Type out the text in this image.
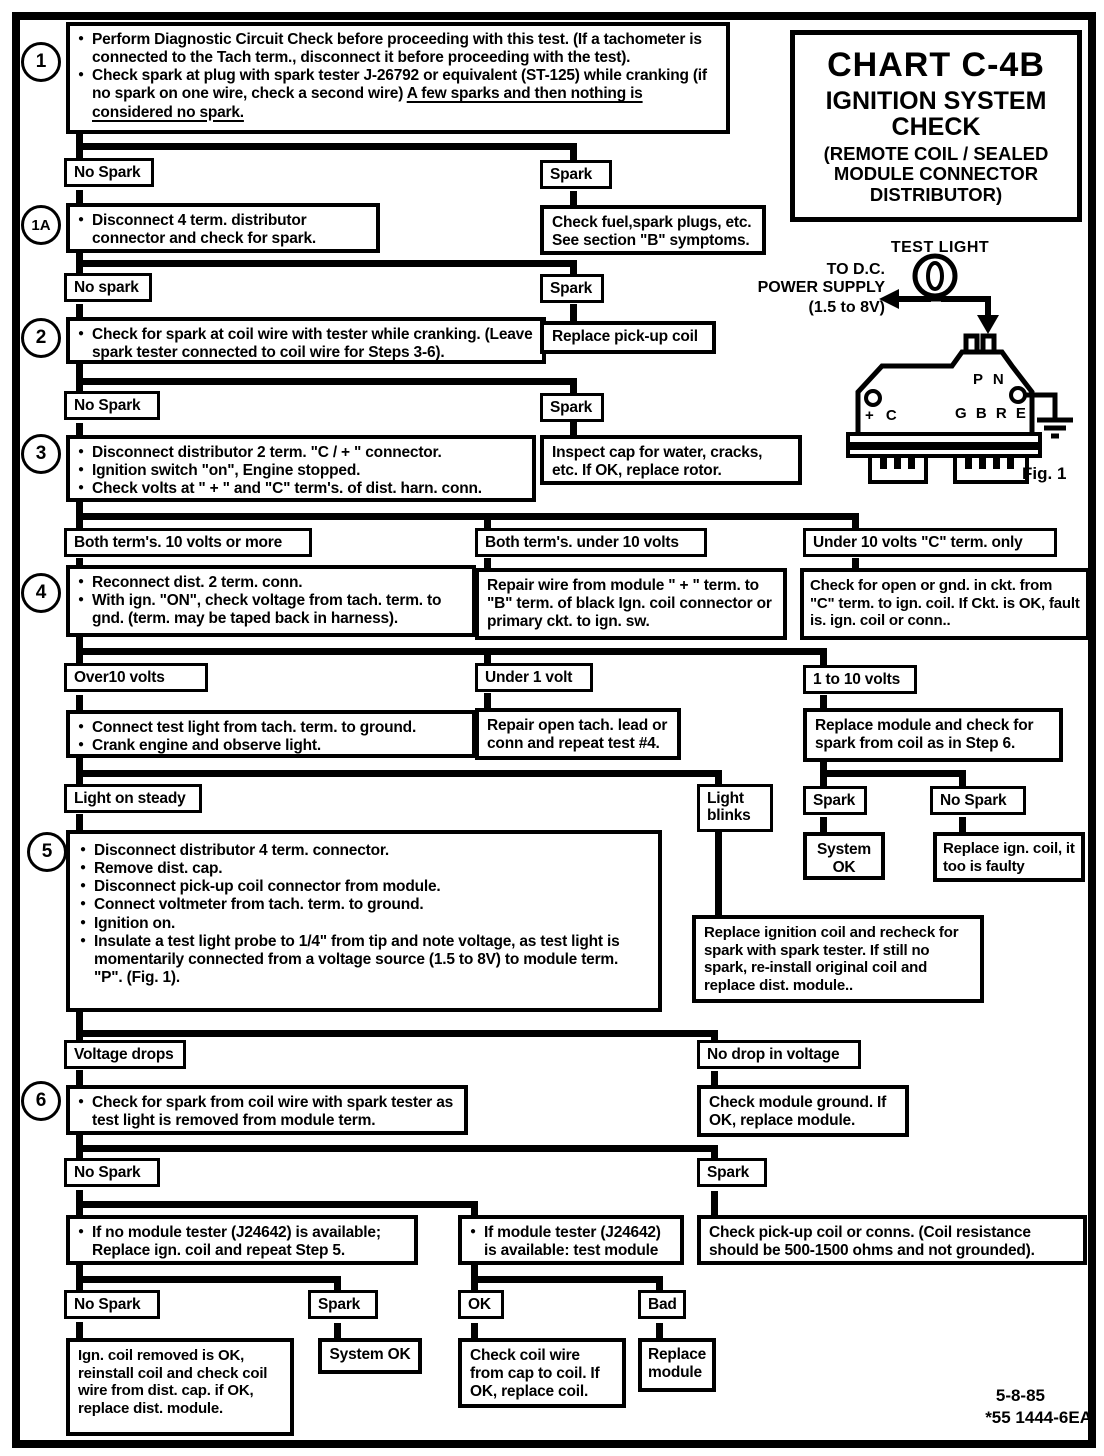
1
1A
2
3
4
5
6
● Perform Diagnostic Circuit Check before proceeding with this test. (If a tachometer is connected to the Tach term., disconnect it before proceeding with the test).
● Check spark at plug with spark tester J-26792 or equivalent (ST-125) while cranking (if no spark on one wire, check a second wire) A few sparks and then nothing is considered no spark.
CHART C-4B
IGNITION SYSTEM CHECK
(REMOTE COIL / SEALED MODULE CONNECTOR DISTRIBUTOR)
TEST LIGHT
TO D.C.
POWER SUPPLY
(1.5 to 8V)
P N
+ C	G B R E
Fig. 1
No Spark	Spark
● Disconnect 4 term. distributor connector and check for spark.
Check fuel,spark plugs, etc. See section "B" symptoms.
No spark	Spark
● Check for spark at coil wire with tester while cranking. (Leave spark tester connected to coil wire for Steps 3-6).
Replace pick-up coil
No Spark	Spark
● Disconnect distributor 2 term. "C / + " connector.
● Ignition switch "on", Engine stopped.
● Check volts at " + " and "C" term's. of dist. harn. conn.
Inspect cap for water, cracks, etc. If OK, replace rotor.
Both term's. 10 volts or more	Both term's. under 10 volts	Under 10 volts "C" term. only
● Reconnect dist. 2 term. conn.
● With ign. "ON", check voltage from tach. term. to gnd. (term. may be taped back in harness).
Repair wire from module " + " term. to "B" term. of black Ign. coil connector or primary ckt. to ign. sw.
Check for open or gnd. in ckt. from "C" term. to ign. coil. If Ckt. is OK, fault is. ign. coil or conn..
Over10 volts	Under 1 volt	1 to 10 volts
● Connect test light from tach. term. to ground.
● Crank engine and observe light.
Repair open tach. lead or conn and repeat test #4.
Replace module and check for spark from coil as in Step 6.
Spark	No Spark
System OK
Replace ign. coil, it too is faulty
Light on steady	Light blinks
● Disconnect distributor 4 term. connector.
● Remove dist. cap.
● Disconnect pick-up coil connector from module.
● Connect voltmeter from tach. term. to ground.
● Ignition on.
● Insulate a test light probe to 1/4" from tip and note voltage, as test light is momentarily connected from a voltage source (1.5 to 8V) to module term. "P". (Fig. 1).
Replace ignition coil and recheck for spark with spark tester. If still no spark, re-install original coil and replace dist. module..
Voltage drops	No drop in voltage
● Check for spark from coil wire with spark tester as test light is removed from module term.
Check module ground. If OK, replace module.
No Spark	Spark
● If no module tester (J24642) is available; Replace ign. coil and repeat Step 5.
● If module tester (J24642) is available: test module
Check pick-up coil or conns. (Coil resistance should be 500-1500 ohms and not grounded).
No Spark	Spark	OK	Bad
Ign. coil removed is OK, reinstall coil and check coil wire from dist. cap. if OK, replace dist. module.
System OK	Check coil wire from cap to coil. If OK, replace coil.
Replace module
5-8-85
*55 1444-6EA
